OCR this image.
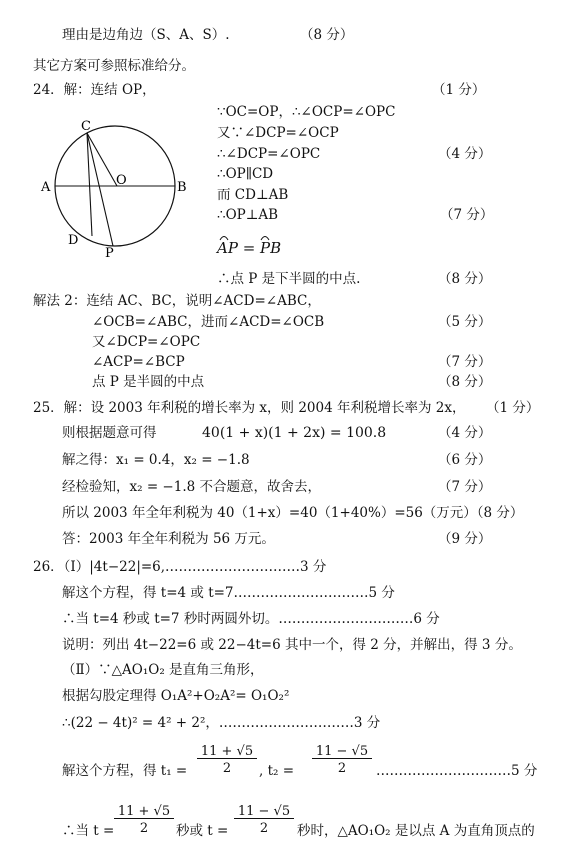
理由是边角边（S、A、S）.	（8 分）
其它方案可参照标准给分。
24．解：连结 OP，	（1 分）
C
O
A	B
D
P
∵OC=OP，∴∠OCP=∠OPC
又∵∠DCP=∠OCP
∴∠DCP=∠OPC	（4 分）
∴OP∥CD
而 CD⊥AB
∴OP⊥AB	（7 分）
AP = PB
∴点 P 是下半圆的中点.	（8 分）
解法 2：连结 AC、BC，说明∠ACD=∠ABC，
∠OCB=∠ABC，进而∠ACD=∠OCB	（5 分）
又∠DCP=∠OPC
∠ACP=∠BCP	（7 分）
点 P 是半圆的中点	（8 分）
25．解：设 2003 年利税的增长率为 x，则 2004 年利税增长率为 2x， （1 分）
则根据题意可得	40(1 + x)(1 + 2x) = 100.8	（4 分）
解之得：x₁ = 0.4，x₂ = −1.8	（6 分）
经检验知，x₂ = −1.8 不合题意，故舍去，	（7 分）
所以 2003 年全年利税为 40（1+x）=40（1+40%）=56（万元）
（8 分）
答：2003 年全年利税为 56 万元。	（9 分）
26．（Ⅰ）|4t−22|=6,…………………………3 分
解这个方程，得 t=4 或 t=7…………………………5 分
∴当 t=4 秒或 t=7 秒时两圆外切。…………………………6 分
说明：列出 4t−22=6 或 22−4t=6 其中一个，得 2 分，并解出，得 3 分。
（Ⅱ）∵△AO₁O₂ 是直角三角形，
根据勾股定理得 O₁A²+O₂A²= O₁O₂²
∴(22 − 4t)² = 4² + 2²，…………………………3 分
解这个方程，得 $t_1 = \frac{11 + √5}{2}$ , $t_2 = \frac{11 - √5}{2}$ …………………………5 分
∴当 $t = \frac{11 + √5}{2}$ 秒或 $t = \frac{11 - √5}{2}$ 秒时，△AO₁O₂ 是以点 A 为直角顶点的
